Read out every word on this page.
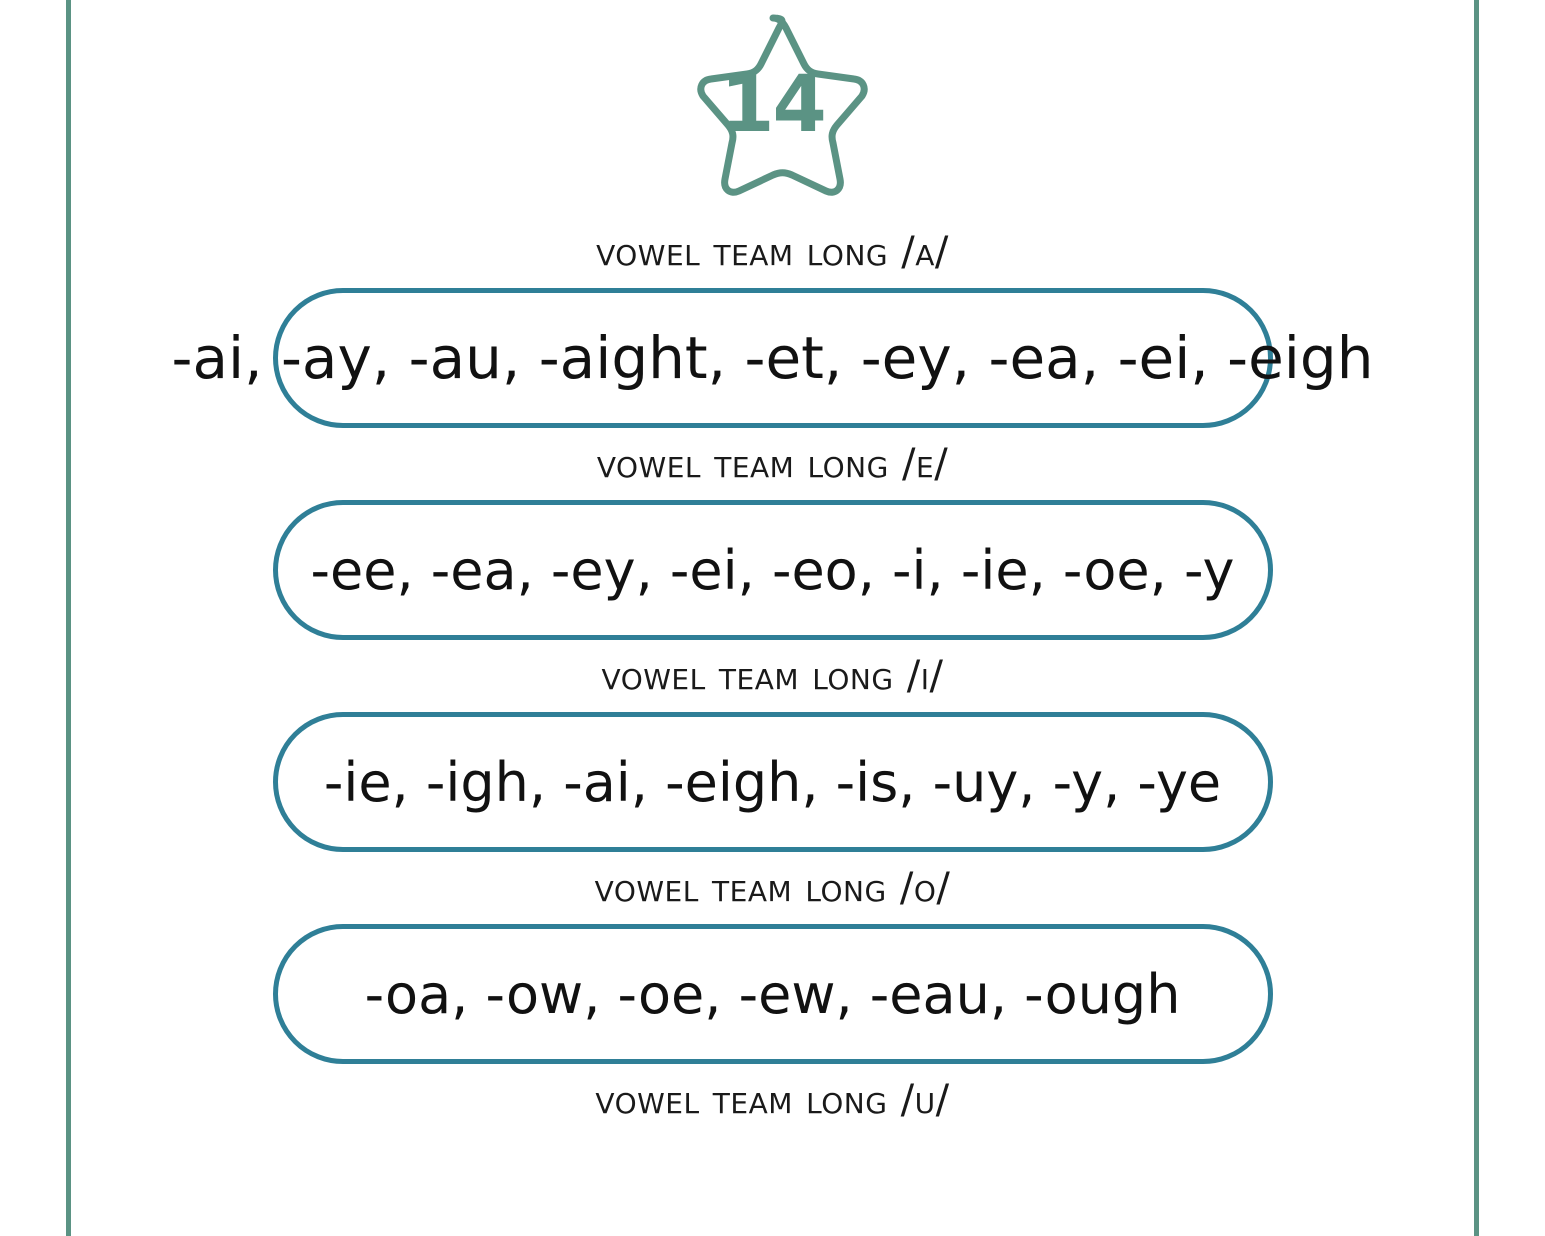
14
vowel team long /a/
-ai, -ay, -au, -aight, -et, -ey, -ea, -ei, -eigh
vowel team long /e/
-ee, -ea, -ey, -ei, -eo, -i, -ie, -oe, -y
vowel team long /i/
-ie, -igh, -ai, -eigh, -is, -uy, -y, -ye
vowel team long /o/
-oa, -ow, -oe, -ew, -eau, -ough
vowel team long /u/
